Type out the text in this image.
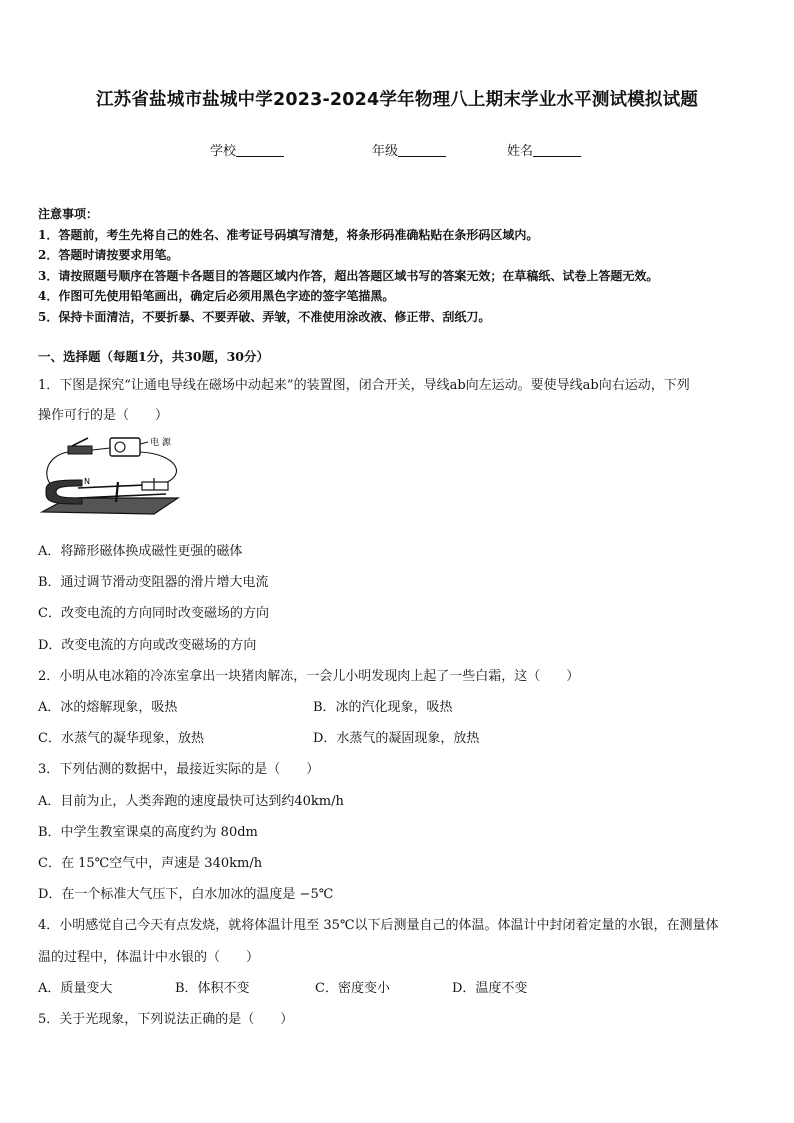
江苏省盐城市盐城中学2023-2024学年物理八上期末学业水平测试模拟试题
学校	年级	姓名
注意事项：
1．答题前，考生先将自己的姓名、准考证号码填写清楚，将条形码准确粘贴在条形码区域内。
2．答题时请按要求用笔。
3．请按照题号顺序在答题卡各题目的答题区域内作答，超出答题区域书写的答案无效；在草稿纸、试卷上答题无效。
4．作图可先使用铅笔画出，确定后必须用黑色字迹的签字笔描黑。
5．保持卡面清洁，不要折暴、不要弄破、弄皱，不准使用涂改液、修正带、刮纸刀。
一、选择题（每题1分，共30题，30分）
1．下图是探究“让通电导线在磁场中动起来”的装置图，闭合开关，导线ab向左运动。要使导线ab向右运动，下列
操作可行的是（　　）
电 源
N
A．将蹄形磁体换成磁性更强的磁体
B．通过调节滑动变阻器的滑片增大电流
C．改变电流的方向同时改变磁场的方向
D．改变电流的方向或改变磁场的方向
2．小明从电冰箱的冷冻室拿出一块猪肉解冻，一会儿小明发现肉上起了一些白霜，这（　　）
A．冰的熔解现象，吸热	B．冰的汽化现象，吸热
C．水蒸气的凝华现象，放热	D．水蒸气的凝固现象，放热
3．下列估测的数据中，最接近实际的是（　　）
A．目前为止，人类奔跑的速度最快可达到约40km/h
B．中学生教室课桌的高度约为 80dm
C．在 15℃空气中，声速是 340km/h
D．在一个标准大气压下，白水加冰的温度是 −5℃
4．小明感觉自己今天有点发烧，就将体温计甩至 35℃以下后测量自己的体温。体温计中封闭着定量的水银，在测量体
温的过程中，体温计中水银的（　　）
A．质量变大	B．体积不变	C．密度变小	D．温度不变
5．关于光现象，下列说法正确的是（　　）
